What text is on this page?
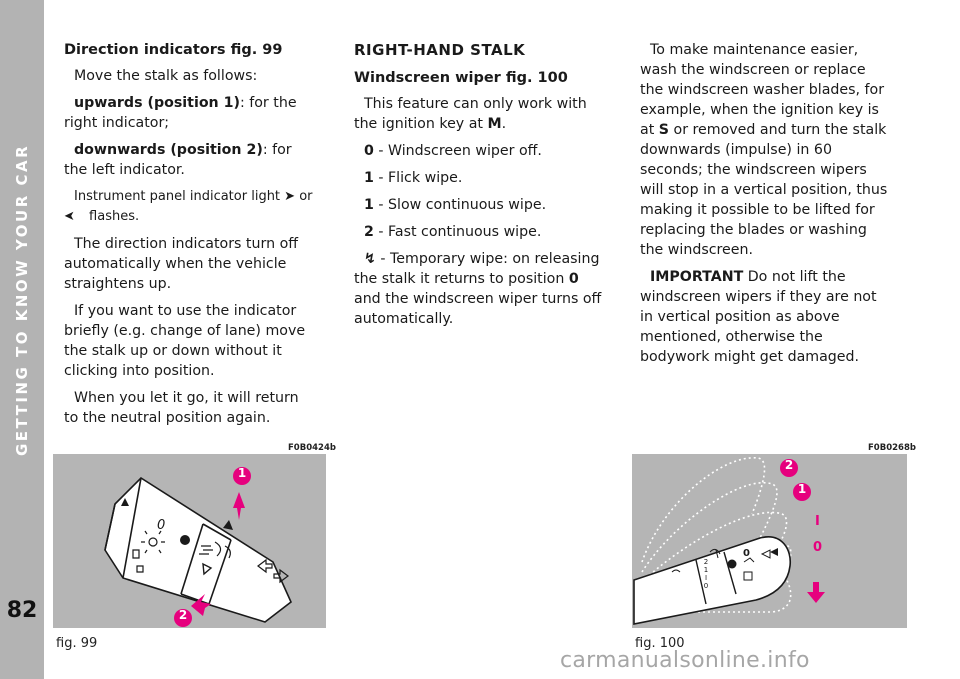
GETTING TO KNOW YOUR CAR
82

Direction indicators fig. 99

Move the stalk as follows:

upwards (position 1): for the right indicator;

downwards (position 2): for the left indicator.

Instrument panel indicator light ➤ or ➤ flashes.

The direction indicators turn off automatically when the vehicle straightens up.

If you want to use the indicator briefly (e.g. change of lane) move the stalk up or down without it clicking into position.

When you let it go, it will return to the neutral position again.

RIGHT-HAND STALK

Windscreen wiper fig. 100

This feature can only work with the ignition key at M.

0 - Windscreen wiper off.

1 - Flick wipe.

1 - Slow continuous wipe.

2 - Fast continuous wipe.

↯ - Temporary wipe: on releasing the stalk it returns to position 0 and the windscreen wiper turns off automatically.

To make maintenance easier, wash the windscreen or replace the windscreen washer blades, for example, when the ignition key is at S or removed and turn the stalk downwards (impulse) in 60 seconds; the windscreen wipers will stop in a vertical position, thus making it possible to be lifted for replacing the blades or washing the windscreen.

IMPORTANT Do not lift the windscreen wipers if they are not in vertical position as above mentioned, otherwise the bodywork might get damaged.

F0B0424b
1
2
0
fig. 99
F0B0268b
2
1
I
0
0
2
1
I
0
fig. 100
carmanualsonline.info
